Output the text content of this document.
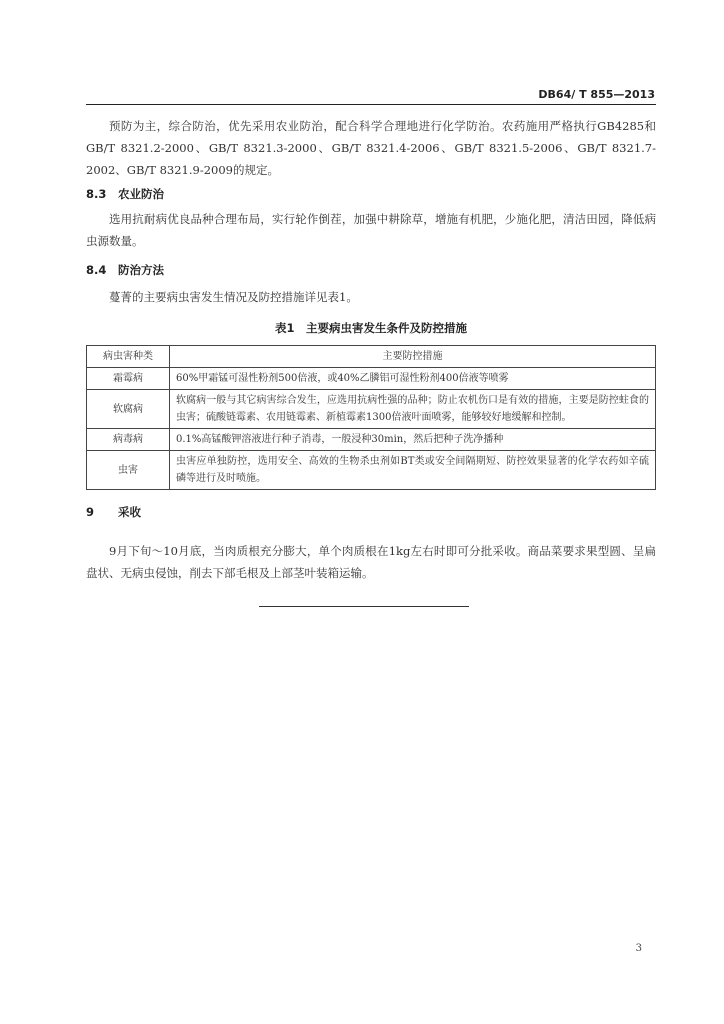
DB64/ T 855—2013

预防为主，综合防治，优先采用农业防治，配合科学合理地进行化学防治。农药施用严格执行GB4285和GB/T 8321.2-2000、GB/T 8321.3-2000、GB/T 8321.4-2006、GB/T 8321.5-2006、GB/T 8321.7-2002、GB/T 8321.9-2009的规定。

8.3 农业防治

选用抗耐病优良品种合理布局，实行轮作倒茬，加强中耕除草，增施有机肥，少施化肥，清洁田园，降低病虫源数量。

8.4 防治方法

蔓菁的主要病虫害发生情况及防控措施详见表1。

表1　主要病虫害发生条件及防控措施
病虫害种类	主要防控措施
霜霉病	60%甲霜锰可湿性粉剂500倍液，或40%乙膦铝可湿性粉剂400倍液等喷雾
软腐病	软腐病一般与其它病害综合发生，应选用抗病性强的品种；防止农机伤口是有效的措施，主要是防控蛀食的虫害；硫酸链霉素、农用链霉素、新植霉素1300倍液叶面喷雾，能够较好地缓解和控制。
病毒病	0.1%高锰酸钾溶液进行种子消毒，一般浸种30min，然后把种子洗净播种
虫害	虫害应单独防控，选用安全、高效的生物杀虫剂如BT类或安全间隔期短、防控效果显著的化学农药如辛硫磷等进行及时喷施。
9 采收

9月下旬～10月底，当肉质根充分膨大，单个肉质根在1kg左右时即可分批采收。商品菜要求果型圆、呈扁盘状、无病虫侵蚀，削去下部毛根及上部茎叶装箱运输。

3
